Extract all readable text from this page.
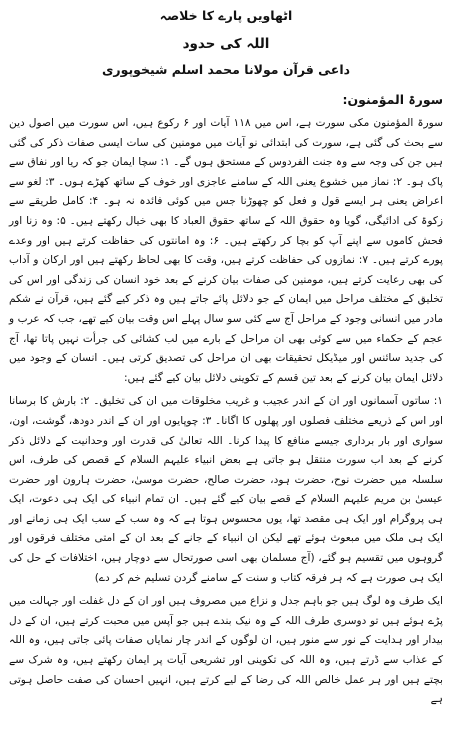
اٹھاویں پارے کا خلاصہ
اللہ کی حدود
داعی قرآن مولانا محمد اسلم شیخوپوری
سورۃ المؤمنون:

سورۃ المؤمنون مکی سورت ہے، اس میں ۱۱۸ آیات اور ۶ رکوع ہیں، اس سورت میں اصول دین سے بحث کی گئی ہے، سورت کی ابتدائی نو آیات میں مومنین کی سات ایسی صفات ذکر کی گئی ہیں جن کی وجہ سے وہ جنت الفردوس کے مستحق ہوں گے۔ ۱: سچا ایمان جو کہ ریا اور نفاق سے پاک ہو۔ ۲: نماز میں خشوع یعنی اللہ کے سامنے عاجزی اور خوف کے ساتھ کھڑے ہوں۔ ۳: لغو سے اعراض یعنی ہر ایسے قول و فعل کو چھوڑنا جس میں کوئی فائدہ نہ ہو۔ ۴: کامل طریقے سے زکوۃ کی ادائیگی، گویا وہ حقوق اللہ کے ساتھ حقوق العباد کا بھی خیال رکھتے ہیں۔ ۵: وہ زنا اور فحش کاموں سے اپنے آپ کو بچا کر رکھتے ہیں۔ ۶: وہ امانتوں کی حفاظت کرتے ہیں اور وعدے پورے کرتے ہیں۔ ۷: نمازوں کی حفاظت کرتے ہیں، وقت کا بھی لحاظ رکھتے ہیں اور ارکان و آداب کی بھی رعایت کرتے ہیں، مومنین کی صفات بیان کرنے کے بعد خود انسان کی زندگی اور اس کی تخلیق کے مختلف مراحل میں ایمان کے جو دلائل پائے جاتے ہیں وہ ذکر کیے گئے ہیں، قرآن نے شکم مادر میں انسانی وجود کے مراحل آج سے کئی سو سال پہلے اس وقت بیان کیے تھے، جب کہ عرب و عجم کے حکماء میں سے کوئی بھی ان مراحل کے بارے میں لب کشائی کی جرأت نہیں پاتا تھا، آج کی جدید سائنس اور میڈیکل تحقیقات بھی ان مراحل کی تصدیق کرتی ہیں۔ انسان کے وجود میں دلائل ایمان بیان کرنے کے بعد تین قسم کے تکوینی دلائل بیان کیے گئے ہیں:

۱: ساتوں آسمانوں اور ان کے اندر عجیب و غریب مخلوقات میں ان کی تخلیق۔ ۲: بارش کا برسانا اور اس کے ذریعے مختلف فصلوں اور پھلوں کا اگانا۔ ۳: چوپایوں اور ان کے اندر دودھ، گوشت، اون، سواری اور بار برداری جیسے منافع کا پیدا کرنا۔ اللہ تعالیٰ کی قدرت اور وحدانیت کے دلائل ذکر کرنے کے بعد اب سورت منتقل ہو جاتی ہے بعض انبیاء علیہم السلام کے قصص کی طرف، اس سلسلہ میں حضرت نوح، حضرت ہود، حضرت صالح، حضرت موسیٰ، حضرت ہارون اور حضرت عیسیٰ بن مریم علیہم السلام کے قصے بیان کیے گئے ہیں۔ ان تمام انبیاء کی ایک ہی دعوت، ایک ہی پروگرام اور ایک ہی مقصد تھا، یوں محسوس ہوتا ہے کہ وہ سب کے سب ایک ہی زمانے اور ایک ہی ملک میں مبعوث ہوئے تھے لیکن ان انبیاء کے جانے کے بعد ان کے امتی مختلف فرقوں اور گروہوں میں تقسیم ہو گئے، (آج مسلمان بھی اسی صورتحال سے دوچار ہیں، اختلافات کے حل کی ایک ہی صورت ہے کہ ہر فرقہ کتاب و سنت کے سامنے گردن تسلیم خم کر دے)

ایک طرف وہ لوگ ہیں جو باہم جدل و نزاع میں مصروف ہیں اور ان کے دل غفلت اور جہالت میں پڑے ہوئے ہیں تو دوسری طرف اللہ کے وہ نیک بندے ہیں جو آپس میں محبت کرتے ہیں، ان کے دل بیدار اور ہدایت کے نور سے منور ہیں، ان لوگوں کے اندر چار نمایاں صفات پائی جاتی ہیں، وہ اللہ کے عذاب سے ڈرتے ہیں، وہ اللہ کی تکوینی اور تشریعی آیات پر ایمان رکھتے ہیں، وہ شرک سے بچتے ہیں اور ہر عمل خالص اللہ کی رضا کے لیے کرتے ہیں، انہیں احسان کی صفت حاصل ہوتی ہے
